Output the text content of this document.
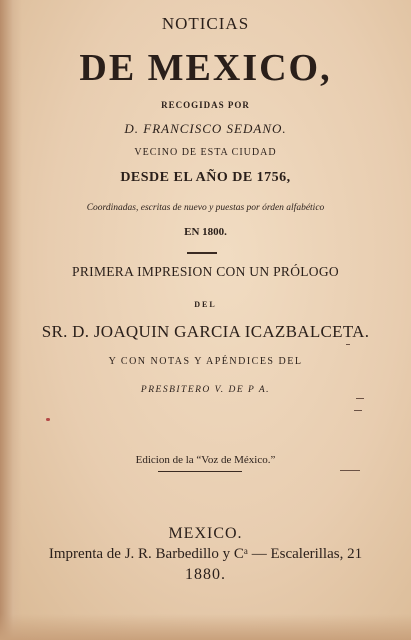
NOTICIAS
DE MEXICO,
RECOGIDAS POR
D. FRANCISCO SEDANO.
VECINO DE ESTA CIUDAD
DESDE EL AÑO DE 1756,
Coordinadas, escritas de nuevo y puestas por órden alfabético
EN 1800.
PRIMERA IMPRESION CON UN PRÓLOGO
DEL
SR. D. JOAQUIN GARCIA ICAZBALCETA.
Y CON NOTAS Y APÉNDICES DEL
PRESBITERO V. DE P A.
Edicion de la “Voz de México.”
MEXICO.
Imprenta de J. R. Barbedillo y Cᵃ — Escalerillas, 21
1880.
